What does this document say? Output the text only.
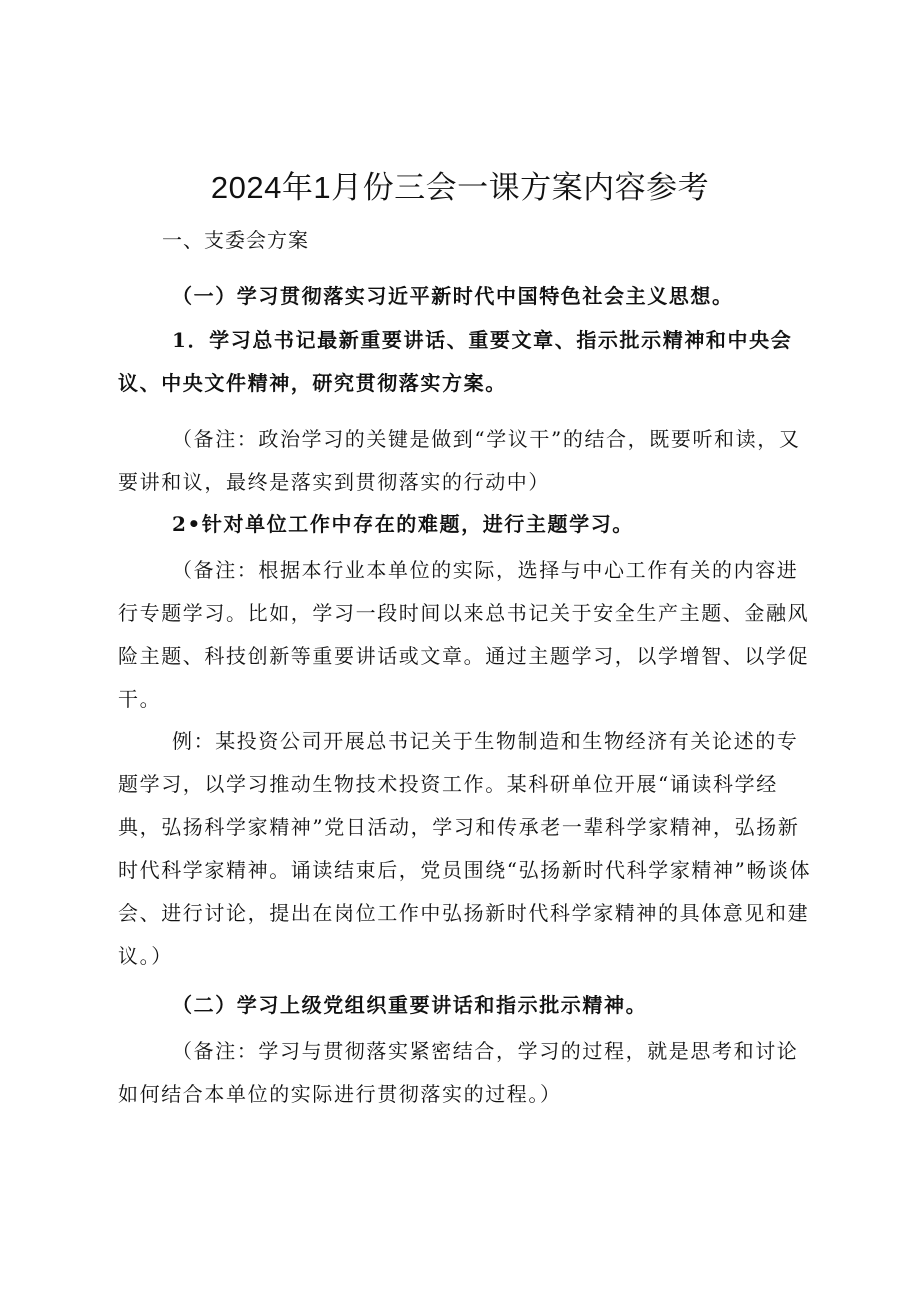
2024年1月份三会一课方案内容参考
一、支委会方案

（一）学习贯彻落实习近平新时代中国特色社会主义思想。

1．学习总书记最新重要讲话、重要文章、指示批示精神和中央会议、中央文件精神，研究贯彻落实方案。

（备注：政治学习的关键是做到“学议干”的结合，既要听和读，又要讲和议，最终是落实到贯彻落实的行动中）

2•针对单位工作中存在的难题，进行主题学习。

（备注：根据本行业本单位的实际，选择与中心工作有关的内容进行专题学习。比如，学习一段时间以来总书记关于安全生产主题、金融风险主题、科技创新等重要讲话或文章。通过主题学习，以学增智、以学促干。

例：某投资公司开展总书记关于生物制造和生物经济有关论述的专题学习，以学习推动生物技术投资工作。某科研单位开展“诵读科学经典，弘扬科学家精神”党日活动，学习和传承老一辈科学家精神，弘扬新时代科学家精神。诵读结束后，党员围绕“弘扬新时代科学家精神”畅谈体会、进行讨论，提出在岗位工作中弘扬新时代科学家精神的具体意见和建议。）

（二）学习上级党组织重要讲话和指示批示精神。

（备注：学习与贯彻落实紧密结合，学习的过程，就是思考和讨论如何结合本单位的实际进行贯彻落实的过程。）
